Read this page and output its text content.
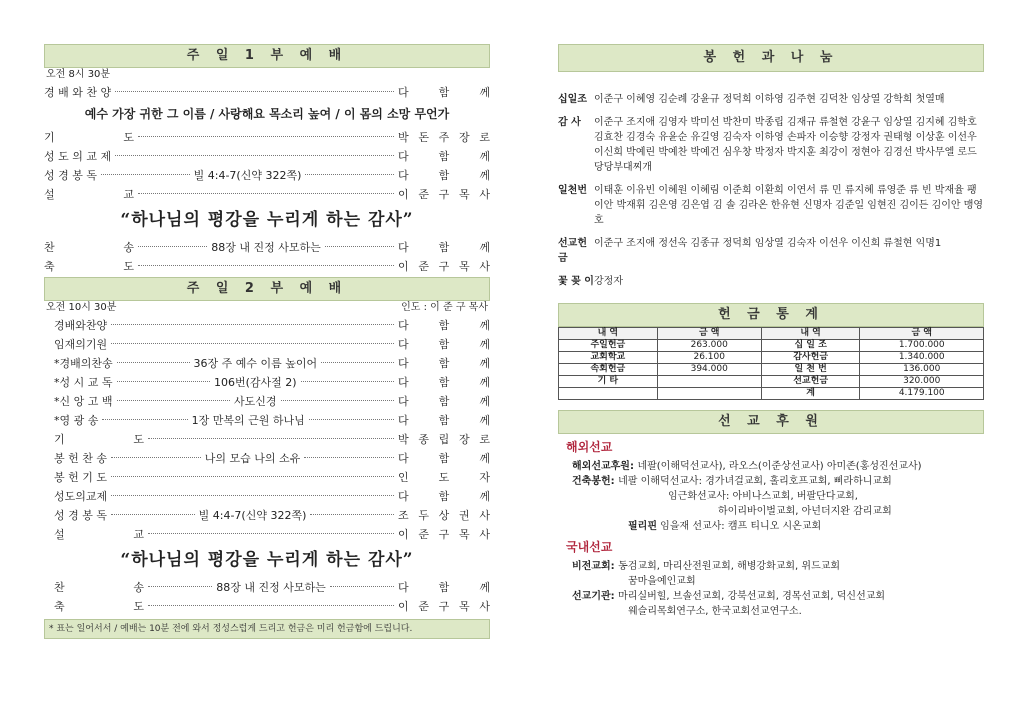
주 일 1 부 예 배
오전 8시 30분
경 배 와 찬 양	다	함	께
예수 가장 귀한 그 이름 / 사랑해요 목소리 높여 / 이 몸의 소망 무언가
기	도	박 돈 주 장 로
성 도 의 교 제	다	함	께
성 경 봉 독	빌 4:4-7(신약 322쪽)	다	함	께
설	교	이 준 구 목 사
“하나님의 평강을 누리게 하는 감사”
찬	송	88장 내 진정 사모하는	다	함	께
축	도	이 준 구 목 사
주 일 2 부 예 배
오전 10시 30분	인도 : 이 준 구 목사
경배와찬양	다	함	께
임재의기원	다	함	께
*경배의찬송	36장 주 예수 이름 높이어	다	함	께
*성 시 교 독	106번(감사절 2)	다	함	께
*신 앙 고 백	사도신경	다	함	께
*영 광 송	1장 만복의 근원 하나님	다	함	께
기	도	박 종 립 장 로
봉 헌 찬 송	나의 모습 나의 소유	다	함	께
봉 헌 기 도	인	도	자
성도의교제	다	함	께
성 경 봉 독	빌 4:4-7(신약 322쪽)	조 두 상 권 사
설	교	이 준 구 목 사
“하나님의 평강을 누리게 하는 감사”
찬	송	88장 내 진정 사모하는	다	함	께
축	도	이 준 구 목 사
* 표는 일어서서 / 예배는 10분 전에 와서 정성스럽게 드리고 헌금은 미리 헌금함에 드립니다.
봉 헌 과 나 눔
십일조 이준구 이혜영 김순례 강윤규 정덕희 이하영 김주현 김덕찬 임상열 강학희 첫열매
감 사	이준구 조지애 김영자 박미선 박찬미 박종립 김재규 류철현 강윤구 임상열 김지혜 김학호 김효찬 김경숙 유윤순 유길영 김숙자 이하영 손파자 이승향 강정자 권태형 이상훈 이선우 이신희 박예린 박예찬 박예건 심우창 박정자 박지훈 최강이 정현아 김경선 박사무엘 로드 당당부대찌개
일천번 이태훈 이유빈 이혜원 이혜림 이준희 이환희 이연서 류 민 류지혜 류영준 류 빈 박재율 팽이안 박재휘 김은영 김은엽 김 솔 김라온 한유현 신명자 김준일 임현진 김이든 김이안 맹영호
선교헌금
이준구 조지애 정선옥 김종규 정덕희 임상열 김숙자 이선우 이신희 류철현 익명1
꽃 꽂 이 강정자
헌 금 통 계
내 역	금 액	내 역	금 액
주일헌금	263.000	십 일 조	1.700.000
교회학교	26.100	감사헌금	1.340.000
속회헌금	394.000	일 천 번	136.000
기 타		선교헌금	320.000
		계	4.179.100
선 교 후 원
해외선교
해외선교후원: 네팔(이해덕선교사), 라오스(이준상선교사) 아미존(홍성진선교사)
건축봉헌: 네팔 이해덕선교사: 경가녀걸교회, 홀리호프교회, 삐라하니교회
임근화선교사: 아비나스교회, 버팔단다교회,
하이리바이벌교회, 아넌더지완 감리교회
필리핀 임을재 선교사: 캠프 티니오 시온교회
국내선교
비전교회: 동검교회, 마리산전원교회, 해병강화교회, 위드교회
꿈마을예인교회
선교기관: 마리실버힐, 브솔선교회, 강북선교회, 경목선교회, 덕신선교회
웨슬리목회연구소, 한국교회선교연구소.
